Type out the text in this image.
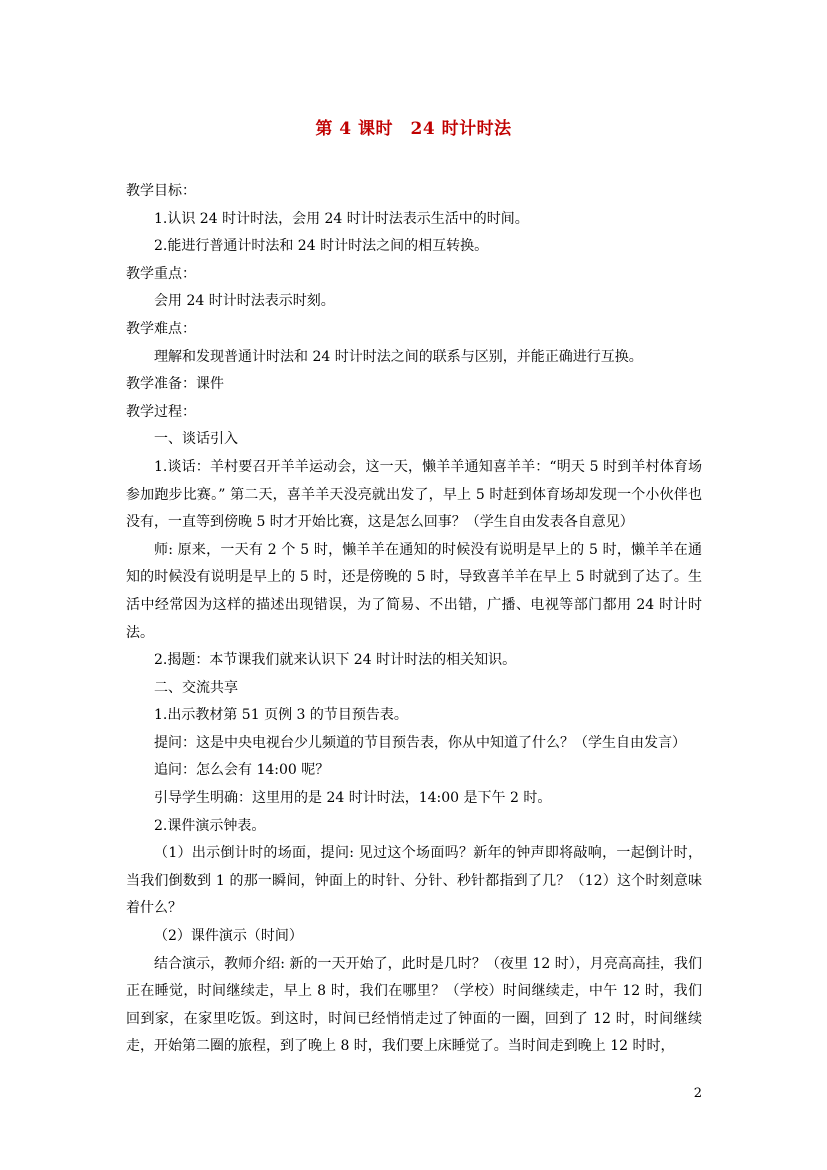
第 4 课时　24 时计时法

教学目标：

1.认识 24 时计时法，会用 24 时计时法表示生活中的时间。

2.能进行普通计时法和 24 时计时法之间的相互转换。

教学重点：

会用 24 时计时法表示时刻。

教学难点：

理解和发现普通计时法和 24 时计时法之间的联系与区别，并能正确进行互换。

教学准备：课件

教学过程：

一、谈话引入

1.谈话：羊村要召开羊羊运动会，这一天，懒羊羊通知喜羊羊：“明天 5 时到羊村体育场参加跑步比赛。” 第二天，喜羊羊天没亮就出发了，早上 5 时赶到体育场却发现一个小伙伴也没有，一直等到傍晚 5 时才开始比赛，这是怎么回事？（学生自由发表各自意见）

师: 原来，一天有 2 个 5 时，懒羊羊在通知的时候没有说明是早上的 5 时，懒羊羊在通知的时候没有说明是早上的 5 时，还是傍晚的 5 时，导致喜羊羊在早上 5 时就到了达了。生活中经常因为这样的描述出现错误，为了简易、不出错，广播、电视等部门都用 24 时计时法。

2.揭题：本节课我们就来认识下 24 时计时法的相关知识。

二、交流共享

1.出示教材第 51 页例 3 的节目预告表。

提问：这是中央电视台少儿频道的节目预告表，你从中知道了什么？（学生自由发言）

追问：怎么会有 14:00 呢？

引导学生明确：这里用的是 24 时计时法，14:00 是下午 2 时。

2.课件演示钟表。

（1）出示倒计时的场面，提问: 见过这个场面吗？新年的钟声即将敲响，一起倒计时，当我们倒数到 1 的那一瞬间，钟面上的时针、分针、秒针都指到了几？（12）这个时刻意味着什么？

（2）课件演示（时间）

结合演示，教师介绍: 新的一天开始了，此时是几时？（夜里 12 时），月亮高高挂，我们正在睡觉，时间继续走，早上 8 时，我们在哪里？（学校）时间继续走，中午 12 时，我们回到家，在家里吃饭。到这时，时间已经悄悄走过了钟面的一圈，回到了 12 时，时间继续走，开始第二圈的旅程，到了晚上 8 时，我们要上床睡觉了。当时间走到晚上 12 时时，

2
